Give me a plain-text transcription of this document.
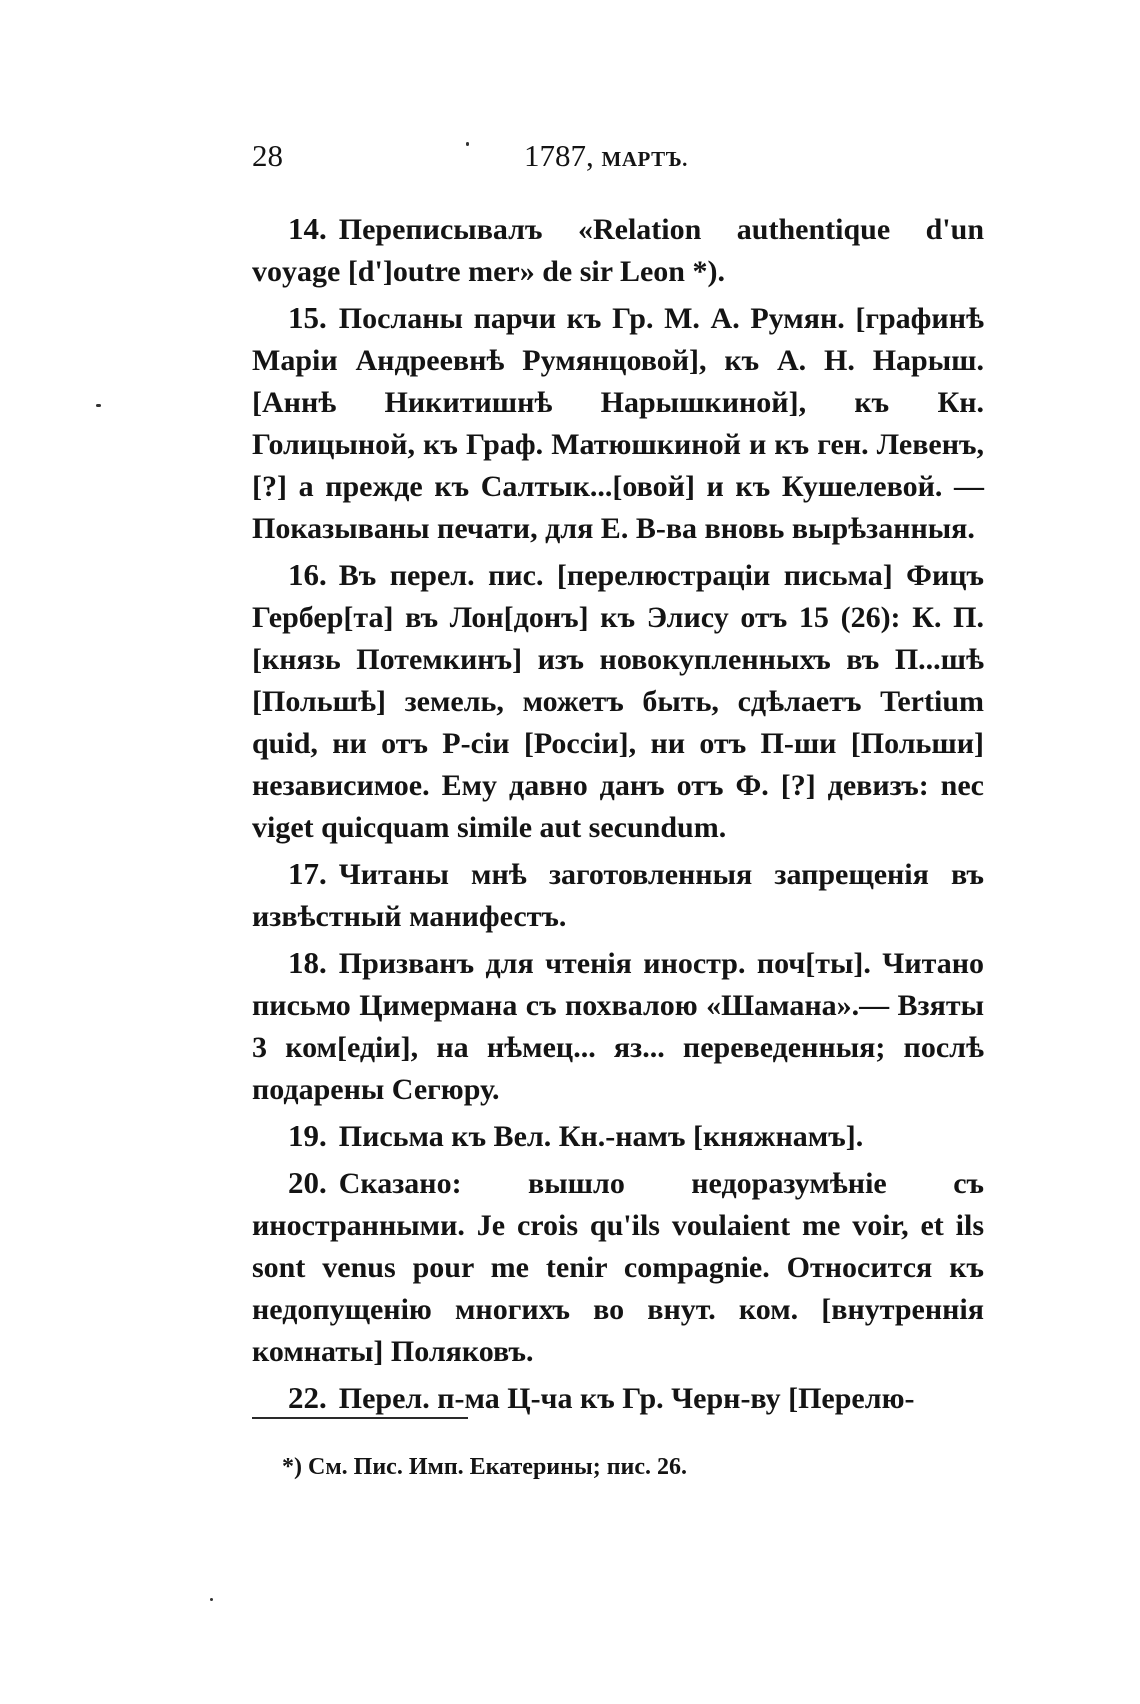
28	1787, МАРТЪ.

14. Переписывалъ «Relation authentique d'un voyage [d']outre mer» de sir Leon *).

15. Посланы парчи къ Гр. М. А. Румян. [графинѣ Маріи Андреевнѣ Румянцовой], къ А. Н. Нарыш. [Аннѣ Никитишнѣ Нарышкиной], къ Кн. Голицыной, къ Граф. Матюшкиной и къ ген. Левенъ, [?] а прежде къ Салтык...[овой] и къ Кушелевой. — Показываны печати, для Е. В-ва вновь вырѣзанныя.

16. Въ перел. пис. [перелюстраціи письма] Фицъ Гербер[та] въ Лон[донъ] къ Элису отъ 15 (26): К. П. [князь Потемкинъ] изъ новокупленныхъ въ П...шѣ [Польшѣ] земель, можетъ быть, сдѣлаетъ Tertium quid, ни отъ Р-сіи [Россіи], ни отъ П-ши [Польши] независимое. Ему давно данъ отъ Ф. [?] девизъ: nec viget quicquam simile aut secundum.

17. Читаны мнѣ заготовленныя запрещенія въ извѣстный манифестъ.

18. Призванъ для чтенія иностр. поч[ты]. Читано письмо Цимермана съ похвалою «Шамана».— Взяты 3 ком[едіи], на нѣмец... яз... переведенныя; послѣ подарены Сегюру.

19. Письма къ Вел. Кн.-намъ [княжнамъ].

20. Сказано: вышло недоразумѣніе съ иностранными. Je crois qu'ils voulaient me voir, et ils sont venus pour me tenir compagnie. Относится къ недопущенію многихъ во внут. ком. [внутреннія комнаты] Поляковъ.

22. Перел. п-ма Ц-ча къ Гр. Черн-ву [Перелю-

*) См. Пис. Имп. Екатерины; пис. 26.
